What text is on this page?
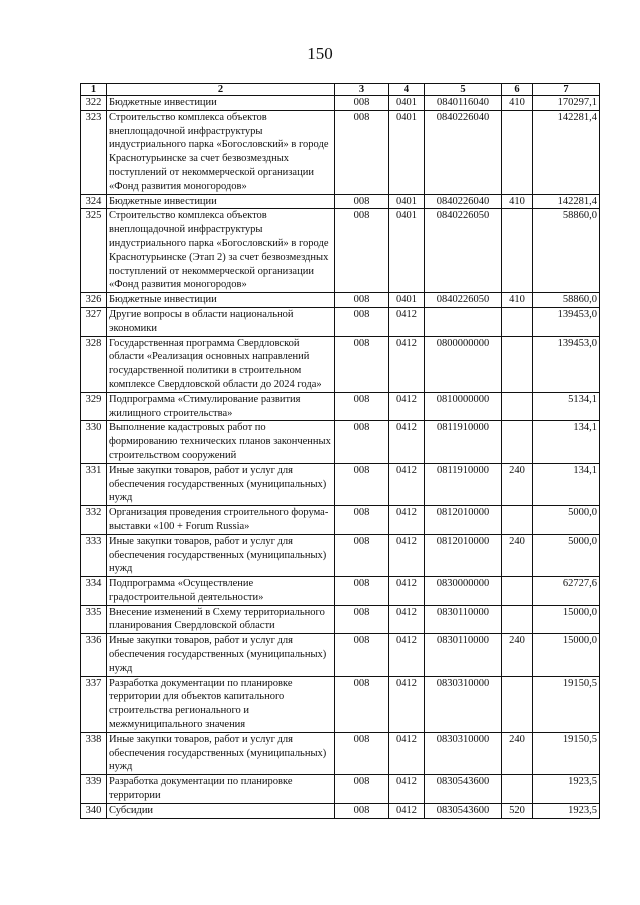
150
1	2	3	4	5	6	7
322	Бюджетные инвестиции	008	0401	0840116040	410	170297,1
323	Строительство комплекса объектов внеплощадочной инфраструктуры индустриального парка «Богословский» в городе Краснотурьинске за счет безвозмездных поступлений от некоммерческой организации «Фонд развития моногородов»	008	0401	0840226040		142281,4
324	Бюджетные инвестиции	008	0401	0840226040	410	142281,4
325	Строительство комплекса объектов внеплощадочной инфраструктуры индустриального парка «Богословский» в городе Краснотурьинске (Этап 2) за счет безвозмездных поступлений от некоммерческой организации «Фонд развития моногородов»	008	0401	0840226050		58860,0
326	Бюджетные инвестиции	008	0401	0840226050	410	58860,0
327	Другие вопросы в области национальной экономики	008	0412			139453,0
328	Государственная программа Свердловской области «Реализация основных направлений государственной политики в строительном комплексе Свердловской области до 2024 года»	008	0412	0800000000		139453,0
329	Подпрограмма «Стимулирование развития жилищного строительства»	008	0412	0810000000		5134,1
330	Выполнение кадастровых работ по формированию технических планов законченных строительством сооружений	008	0412	0811910000		134,1
331	Иные закупки товаров, работ и услуг для обеспечения государственных (муниципальных) нужд	008	0412	0811910000	240	134,1
332	Организация проведения строительного форума-выставки «100 + Forum Russia»	008	0412	0812010000		5000,0
333	Иные закупки товаров, работ и услуг для обеспечения государственных (муниципальных) нужд	008	0412	0812010000	240	5000,0
334	Подпрограмма «Осуществление градостроительной деятельности»	008	0412	0830000000		62727,6
335	Внесение изменений в Схему территориального планирования Свердловской области	008	0412	0830110000		15000,0
336	Иные закупки товаров, работ и услуг для обеспечения государственных (муниципальных) нужд	008	0412	0830110000	240	15000,0
337	Разработка документации по планировке территории для объектов капитального строительства регионального и межмуниципального значения	008	0412	0830310000		19150,5
338	Иные закупки товаров, работ и услуг для обеспечения государственных (муниципальных) нужд	008	0412	0830310000	240	19150,5
339	Разработка документации по планировке территории	008	0412	0830543600		1923,5
340	Субсидии	008	0412	0830543600	520	1923,5
